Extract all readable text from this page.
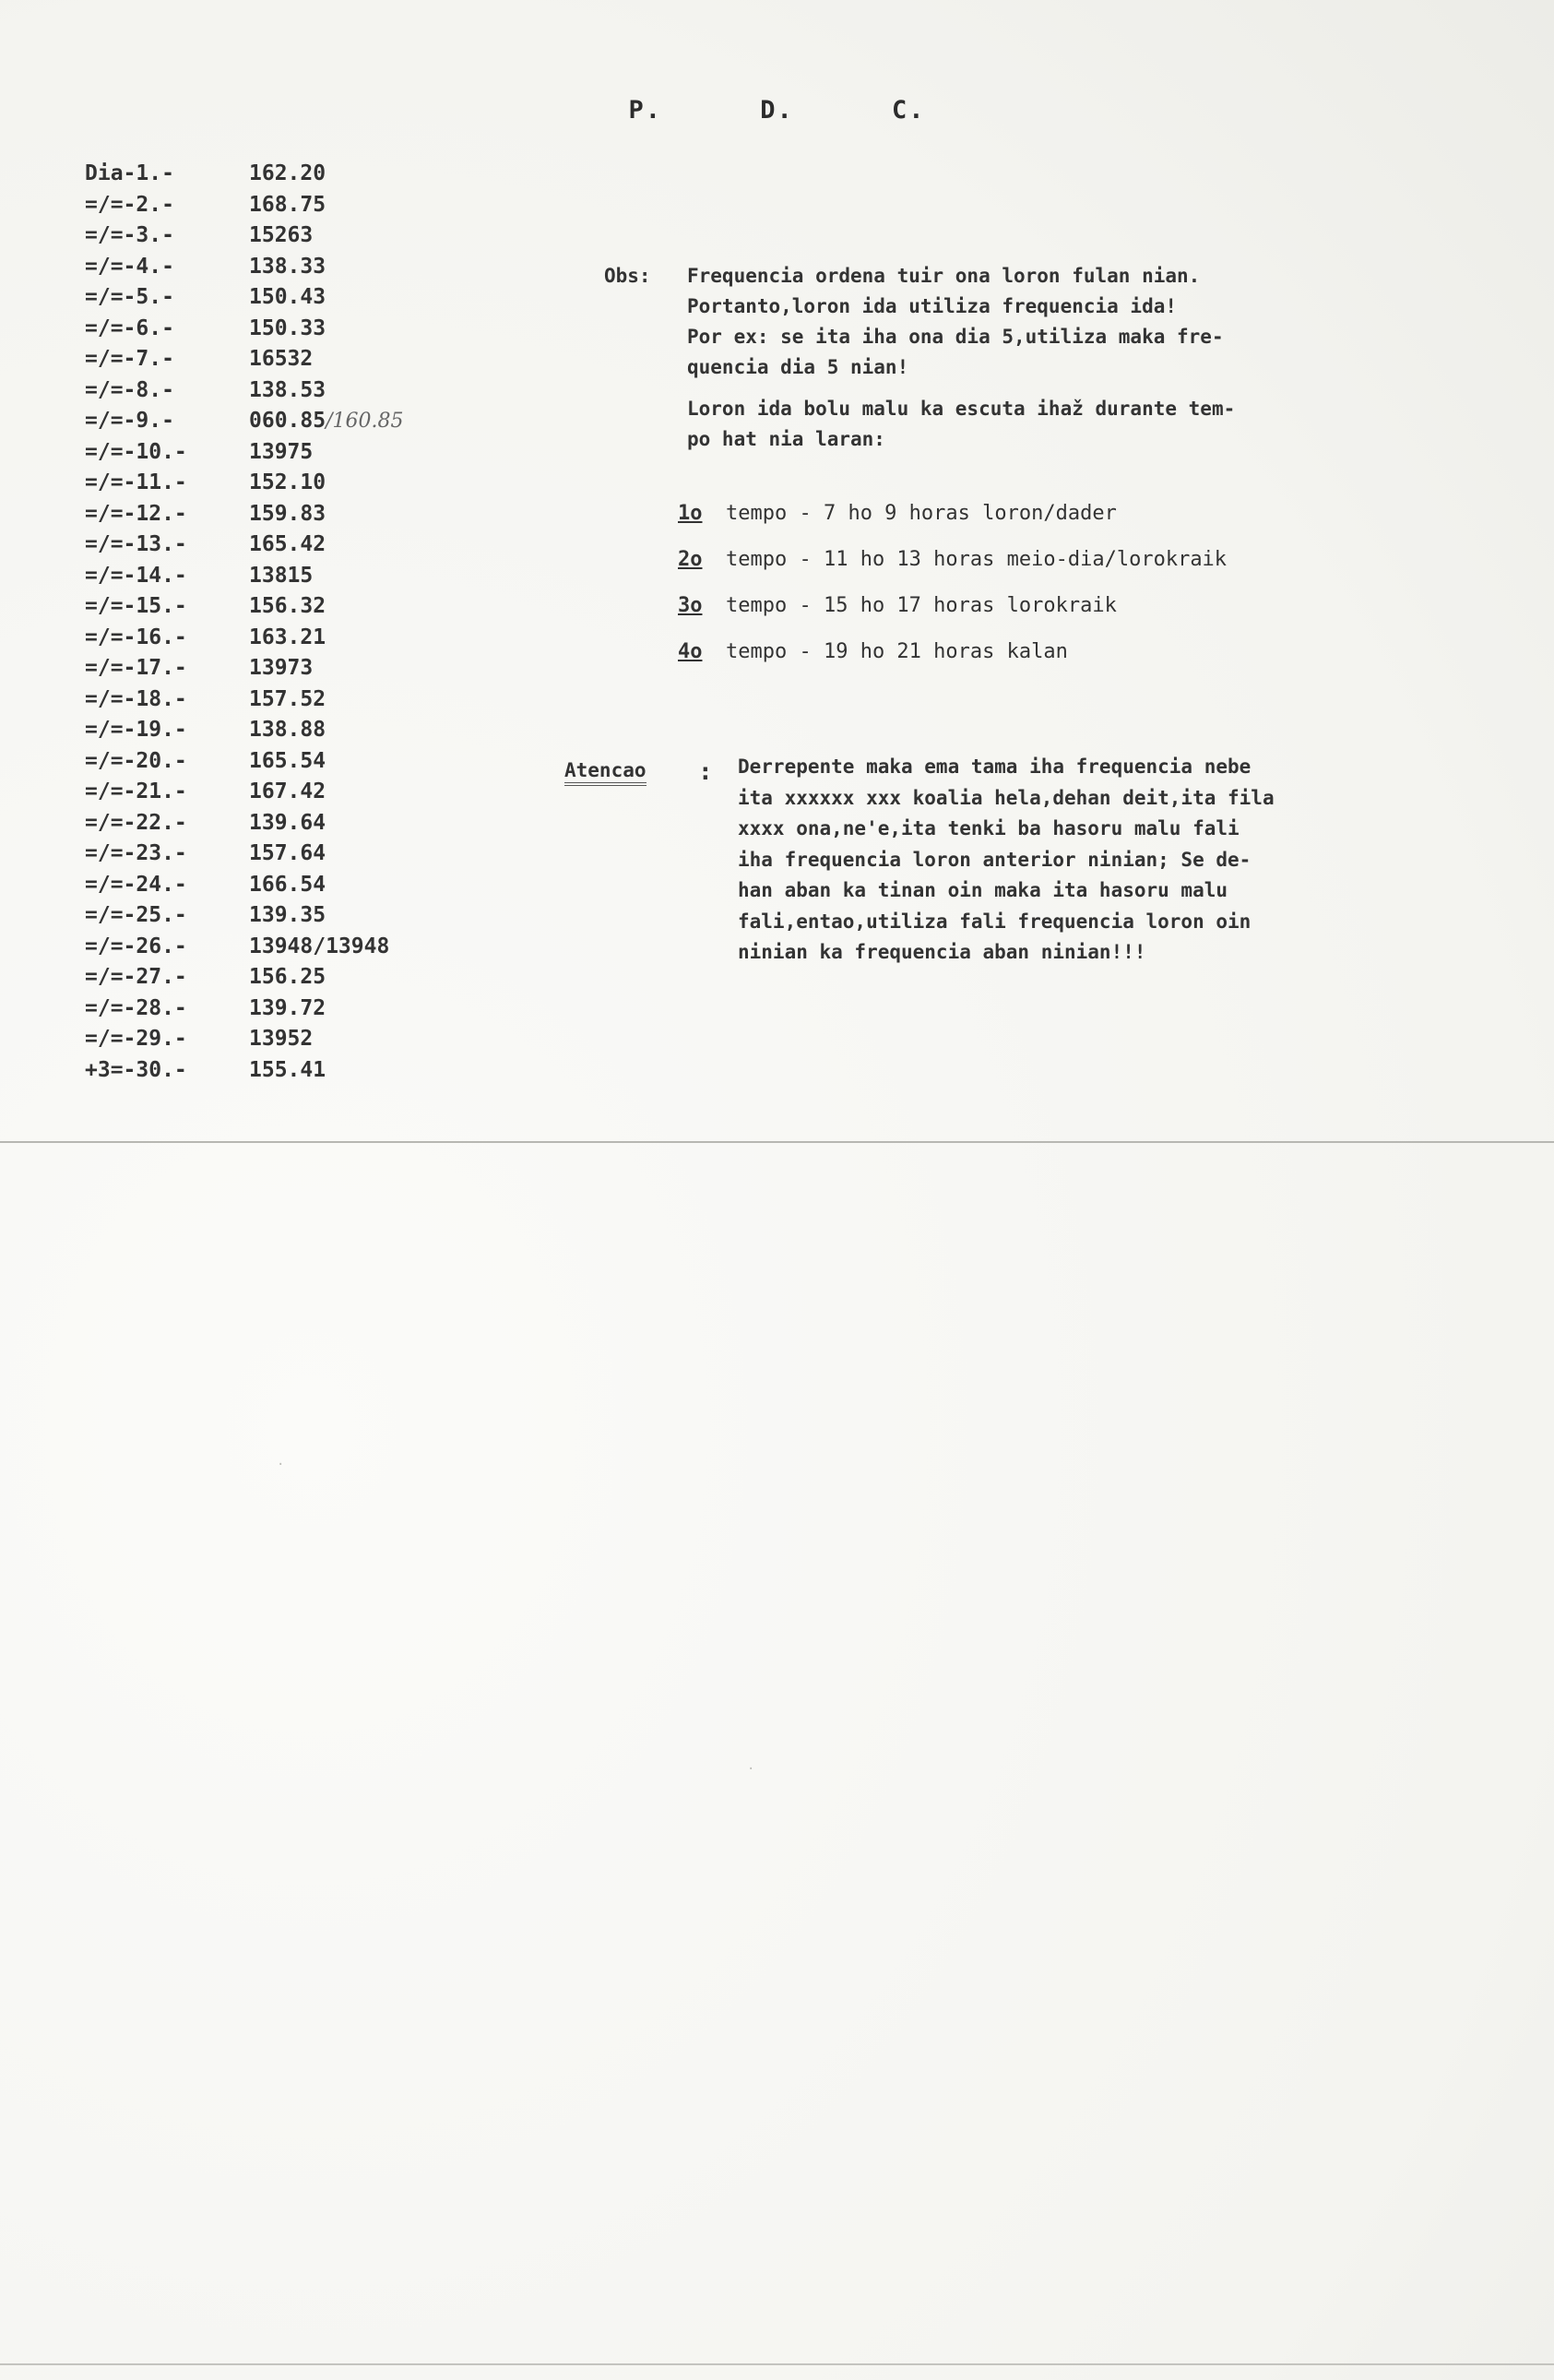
P.	D.	C.
Dia-1.-	162.20
=/=-2.-	168.75
=/=-3.-	15263
=/=-4.-	138.33
=/=-5.-	150.43
=/=-6.-	150.33
=/=-7.-	16532
=/=-8.-	138.53
=/=-9.-	060.85/160.85
=/=-10.-	13975
=/=-11.-	152.10
=/=-12.-	159.83
=/=-13.-	165.42
=/=-14.-	13815
=/=-15.-	156.32
=/=-16.-	163.21
=/=-17.-	13973
=/=-18.-	157.52
=/=-19.-	138.88
=/=-20.-	165.54
=/=-21.-	167.42
=/=-22.-	139.64
=/=-23.-	157.64
=/=-24.-	166.54
=/=-25.-	139.35
=/=-26.-	13948/13948
=/=-27.-	156.25
=/=-28.-	139.72
=/=-29.-	13952
+3=-30.-	155.41
Obs: Frequencia ordena tuir ona loron fulan nian.
Portanto,loron ida utiliza frequencia ida!
Por ex: se ita iha ona dia 5,utiliza maka fre-
quencia dia 5 nian!
Loron ida bolu malu ka escuta ihaž durante tem-
po hat nia laran:
1o tempo - 7 ho 9 horas loron/dader
2o tempo - 11 ho 13 horas meio-dia/lorokraik
3o tempo - 15 ho 17 horas lorokraik
4o tempo - 19 ho 21 horas kalan
Atencao : Derrepente maka ema tama iha frequencia nebe
ita xxxxxx xxx koalia hela,dehan deit,ita fila
xxxx ona,ne'e,ita tenki ba hasoru malu fali
iha frequencia loron anterior ninian; Se de-
han aban ka tinan oin maka ita hasoru malu
fali,entao,utiliza fali frequencia loron oin
ninian ka frequencia aban ninian!!!
·
·
